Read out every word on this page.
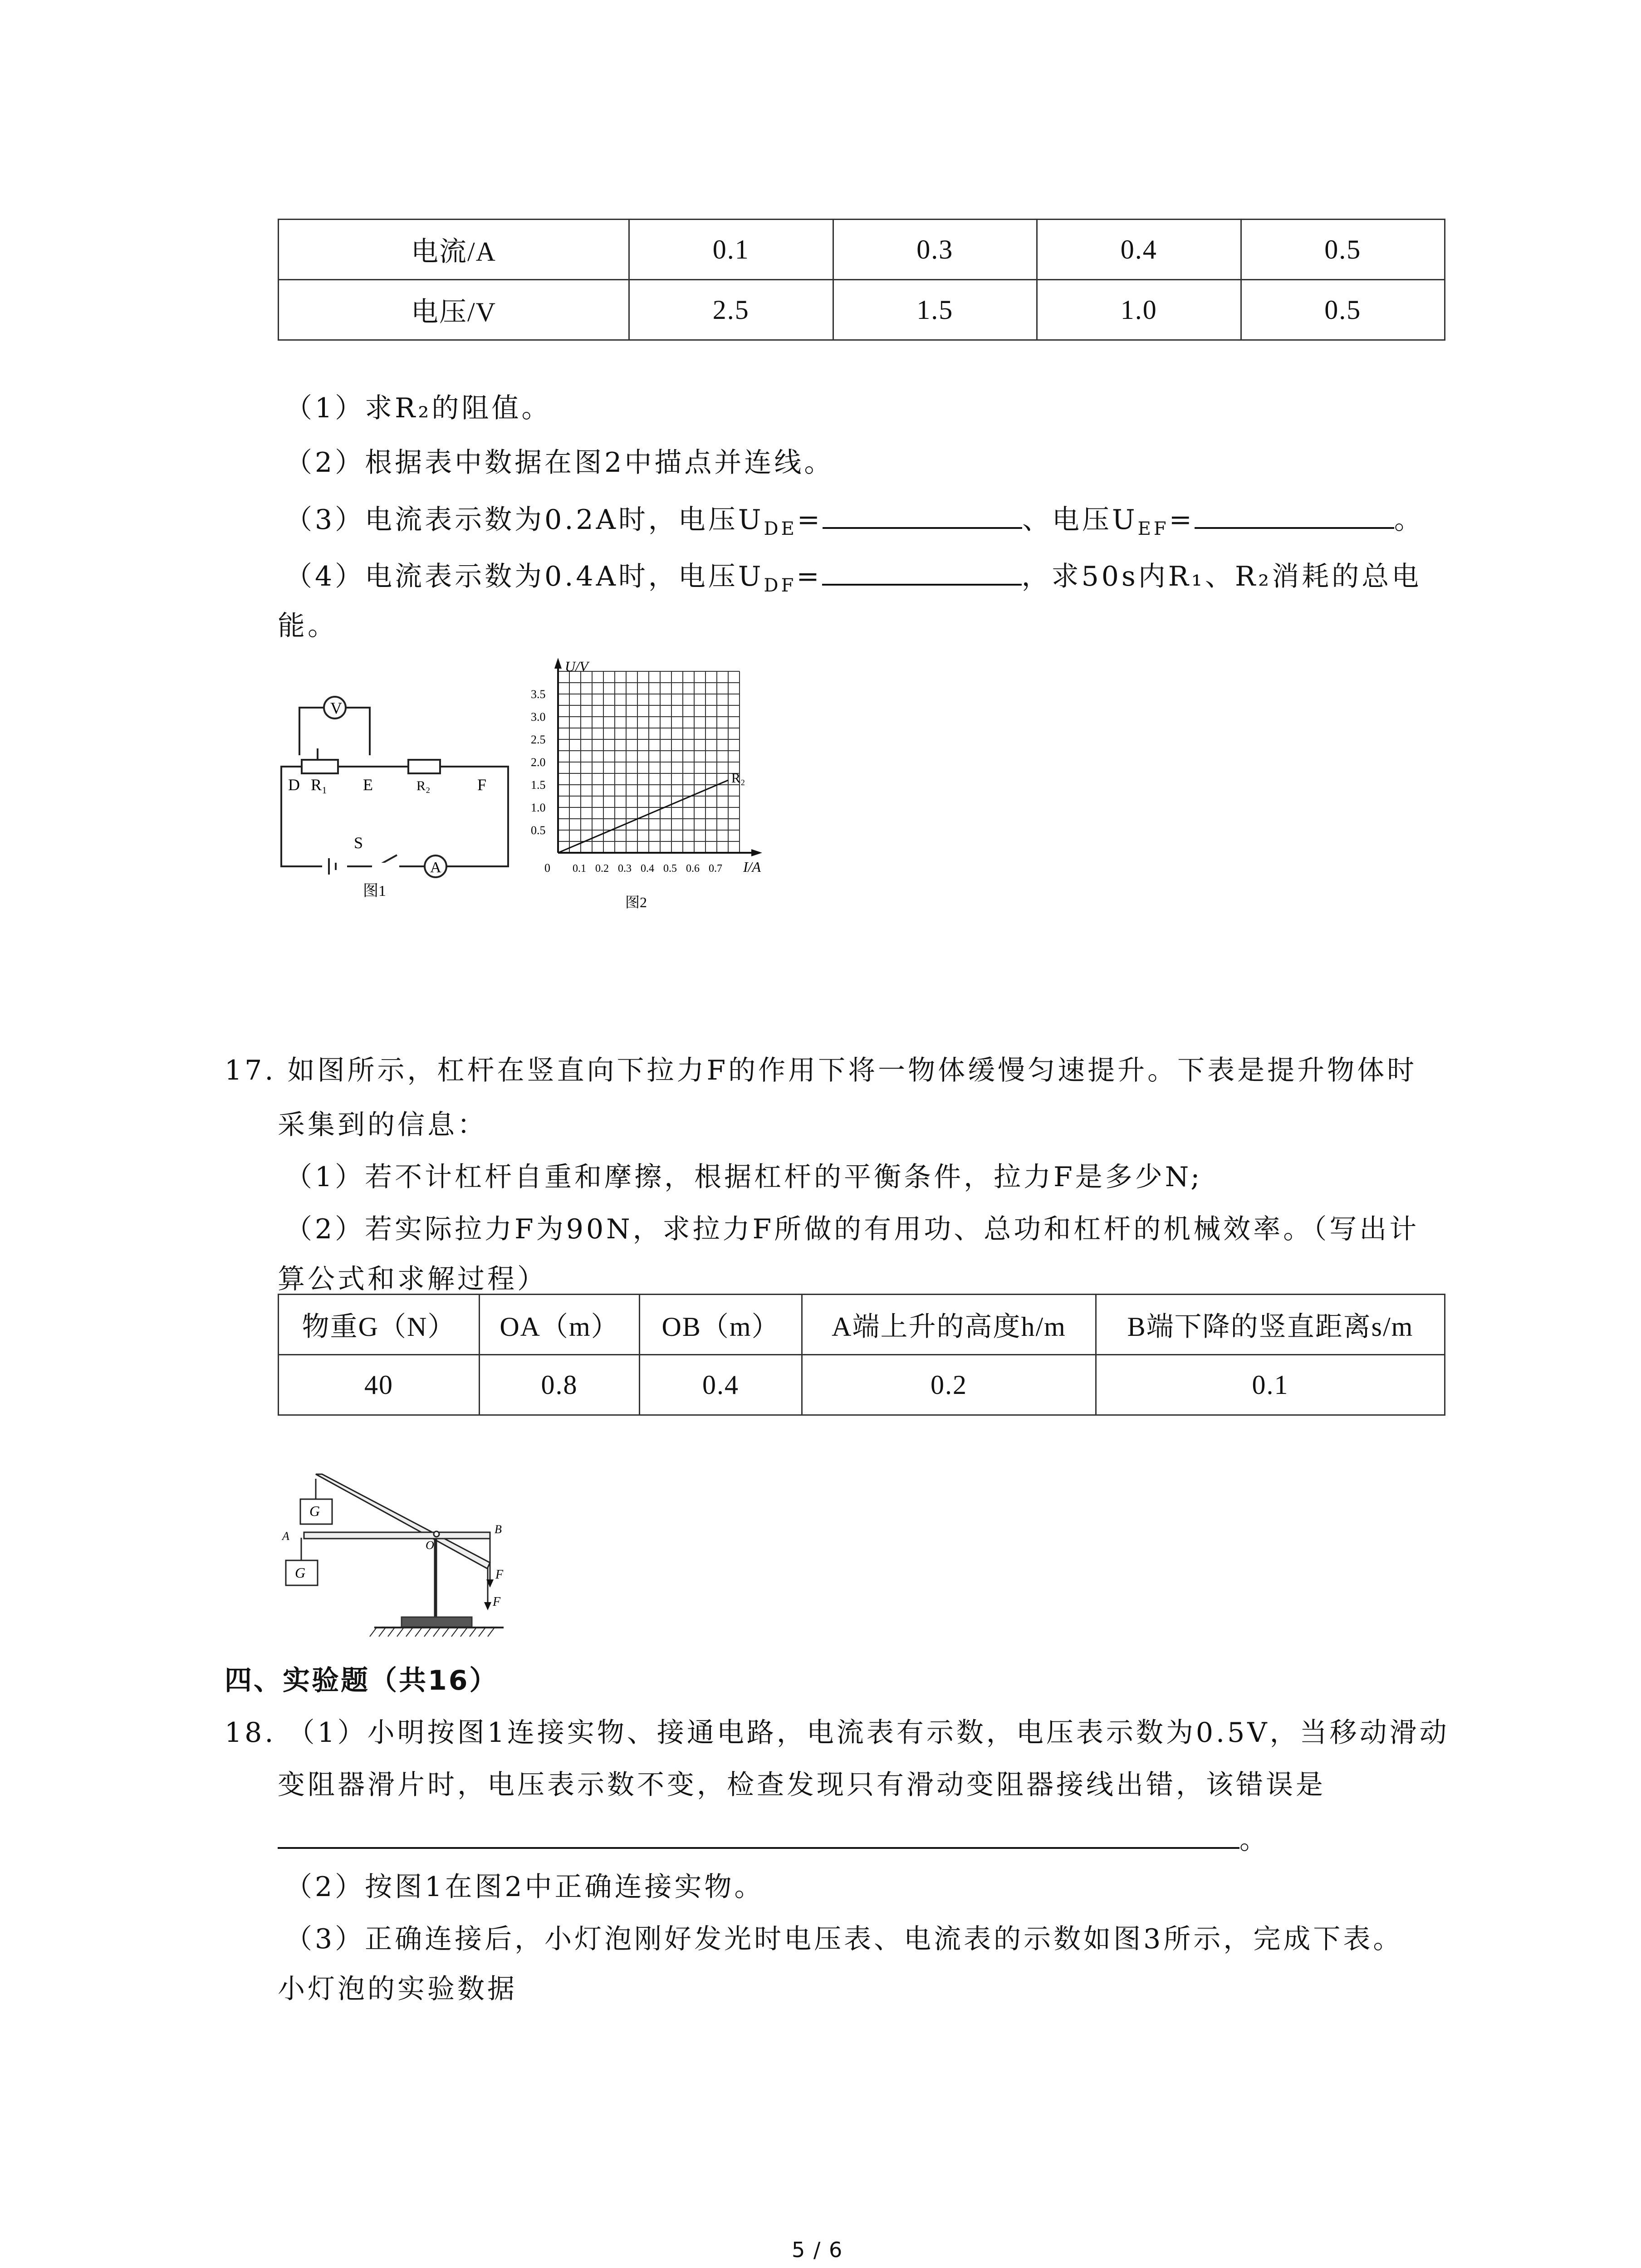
电流/A	0.1	0.3	0.4	0.5
电压/V	2.5	1.5	1.0	0.5
（1）求R₂的阻值。
（2）根据表中数据在图2中描点并连线。
（3）电流表示数为0.2A时，电压$U_{DE}=$	、电压$U_{EF}=$	。
（4）电流表示数为0.4A时，电压$U_{DF}=$	，求50s内R₁、R₂消耗的总电
能。
V
D R₁ E	R₂	F
S
A
图1
R₂
U/V
I/A
0
0.5
1.0
1.5
2.0
2.5
3.0
3.5
0.1 0.2 0.3 0.4 0.5 0.6 0.7
图2
17. 如图所示，杠杆在竖直向下拉力F的作用下将一物体缓慢匀速提升。下表是提升物体时
采集到的信息：
（1）若不计杠杆自重和摩擦，根据杠杆的平衡条件，拉力F是多少N;
（2）若实际拉力F为90N，求拉力F所做的有用功、总功和杠杆的机械效率。（写出计
算公式和求解过程）
物重G（N）	OA（m）	OB（m）	A端上升的高度h/m	B端下降的竖直距离s/m
40	0.8	0.4	0.2	0.1
G
G
A
O
B
F
F
四、实验题（共16）
18. （1）小明按图1连接实物、接通电路，电流表有示数，电压表示数为0.5V，当移动滑动
变阻器滑片时，电压表示数不变，检查发现只有滑动变阻器接线出错，该错误是
。
（2）按图1在图2中正确连接实物。
（3）正确连接后，小灯泡刚好发光时电压表、电流表的示数如图3所示，完成下表。
小灯泡的实验数据
5 / 6
